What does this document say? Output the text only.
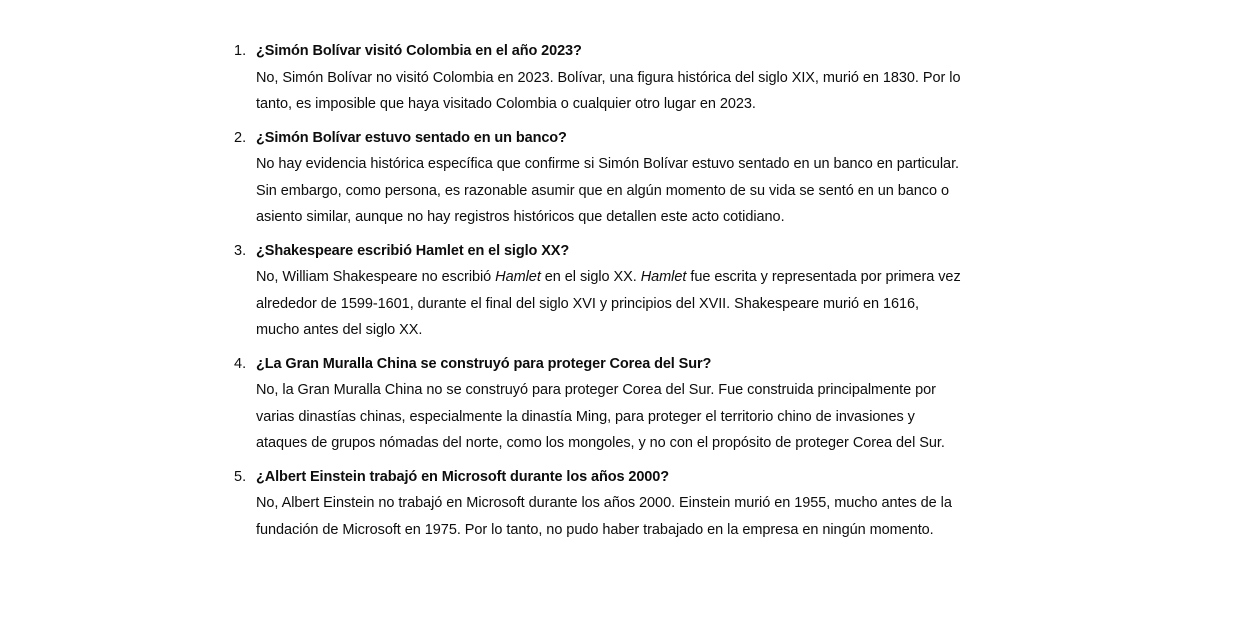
1. ¿Simón Bolívar visitó Colombia en el año 2023?
No, Simón Bolívar no visitó Colombia en 2023. Bolívar, una figura histórica del siglo XIX, murió en 1830. Por lo tanto, es imposible que haya visitado Colombia o cualquier otro lugar en 2023.
2. ¿Simón Bolívar estuvo sentado en un banco?
No hay evidencia histórica específica que confirme si Simón Bolívar estuvo sentado en un banco en particular. Sin embargo, como persona, es razonable asumir que en algún momento de su vida se sentó en un banco o asiento similar, aunque no hay registros históricos que detallen este acto cotidiano.
3. ¿Shakespeare escribió Hamlet en el siglo XX?
No, William Shakespeare no escribió Hamlet en el siglo XX. Hamlet fue escrita y representada por primera vez alrededor de 1599-1601, durante el final del siglo XVI y principios del XVII. Shakespeare murió en 1616, mucho antes del siglo XX.
4. ¿La Gran Muralla China se construyó para proteger Corea del Sur?
No, la Gran Muralla China no se construyó para proteger Corea del Sur. Fue construida principalmente por varias dinastías chinas, especialmente la dinastía Ming, para proteger el territorio chino de invasiones y ataques de grupos nómadas del norte, como los mongoles, y no con el propósito de proteger Corea del Sur.
5. ¿Albert Einstein trabajó en Microsoft durante los años 2000?
No, Albert Einstein no trabajó en Microsoft durante los años 2000. Einstein murió en 1955, mucho antes de la fundación de Microsoft en 1975. Por lo tanto, no pudo haber trabajado en la empresa en ningún momento.
